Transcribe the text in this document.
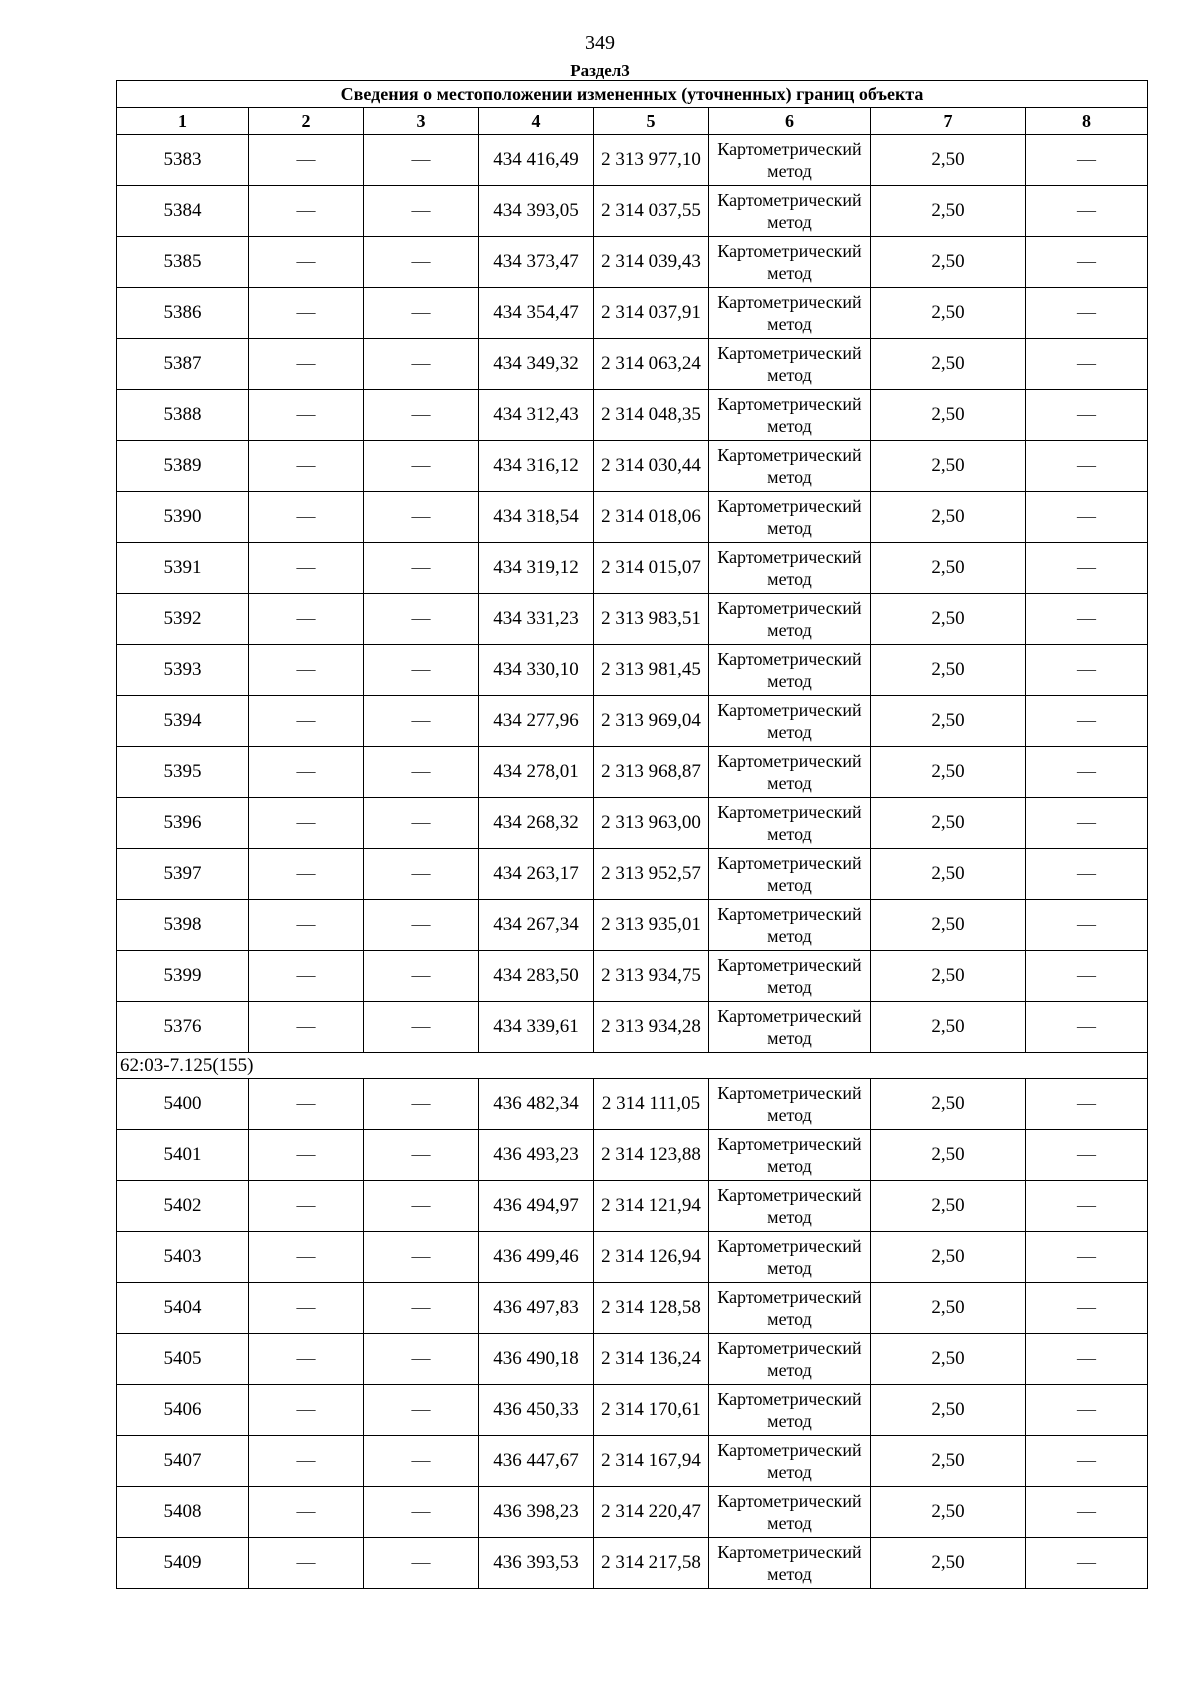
349
Раздел3
Сведения о местоположении измененных (уточненных) границ объекта							
1	2	3	4	5	6	7	8
5383	—	—	434 416,49	2 313 977,10	Картометрический метод	2,50	—
5384	—	—	434 393,05	2 314 037,55	Картометрический метод	2,50	—
5385	—	—	434 373,47	2 314 039,43	Картометрический метод	2,50	—
5386	—	—	434 354,47	2 314 037,91	Картометрический метод	2,50	—
5387	—	—	434 349,32	2 314 063,24	Картометрический метод	2,50	—
5388	—	—	434 312,43	2 314 048,35	Картометрический метод	2,50	—
5389	—	—	434 316,12	2 314 030,44	Картометрический метод	2,50	—
5390	—	—	434 318,54	2 314 018,06	Картометрический метод	2,50	—
5391	—	—	434 319,12	2 314 015,07	Картометрический метод	2,50	—
5392	—	—	434 331,23	2 313 983,51	Картометрический метод	2,50	—
5393	—	—	434 330,10	2 313 981,45	Картометрический метод	2,50	—
5394	—	—	434 277,96	2 313 969,04	Картометрический метод	2,50	—
5395	—	—	434 278,01	2 313 968,87	Картометрический метод	2,50	—
5396	—	—	434 268,32	2 313 963,00	Картометрический метод	2,50	—
5397	—	—	434 263,17	2 313 952,57	Картометрический метод	2,50	—
5398	—	—	434 267,34	2 313 935,01	Картометрический метод	2,50	—
5399	—	—	434 283,50	2 313 934,75	Картометрический метод	2,50	—
5376	—	—	434 339,61	2 313 934,28	Картометрический метод	2,50	—
62:03-7.125(155)							
5400	—	—	436 482,34	2 314 111,05	Картометрический метод	2,50	—
5401	—	—	436 493,23	2 314 123,88	Картометрический метод	2,50	—
5402	—	—	436 494,97	2 314 121,94	Картометрический метод	2,50	—
5403	—	—	436 499,46	2 314 126,94	Картометрический метод	2,50	—
5404	—	—	436 497,83	2 314 128,58	Картометрический метод	2,50	—
5405	—	—	436 490,18	2 314 136,24	Картометрический метод	2,50	—
5406	—	—	436 450,33	2 314 170,61	Картометрический метод	2,50	—
5407	—	—	436 447,67	2 314 167,94	Картометрический метод	2,50	—
5408	—	—	436 398,23	2 314 220,47	Картометрический метод	2,50	—
5409	—	—	436 393,53	2 314 217,58	Картометрический метод	2,50	—
